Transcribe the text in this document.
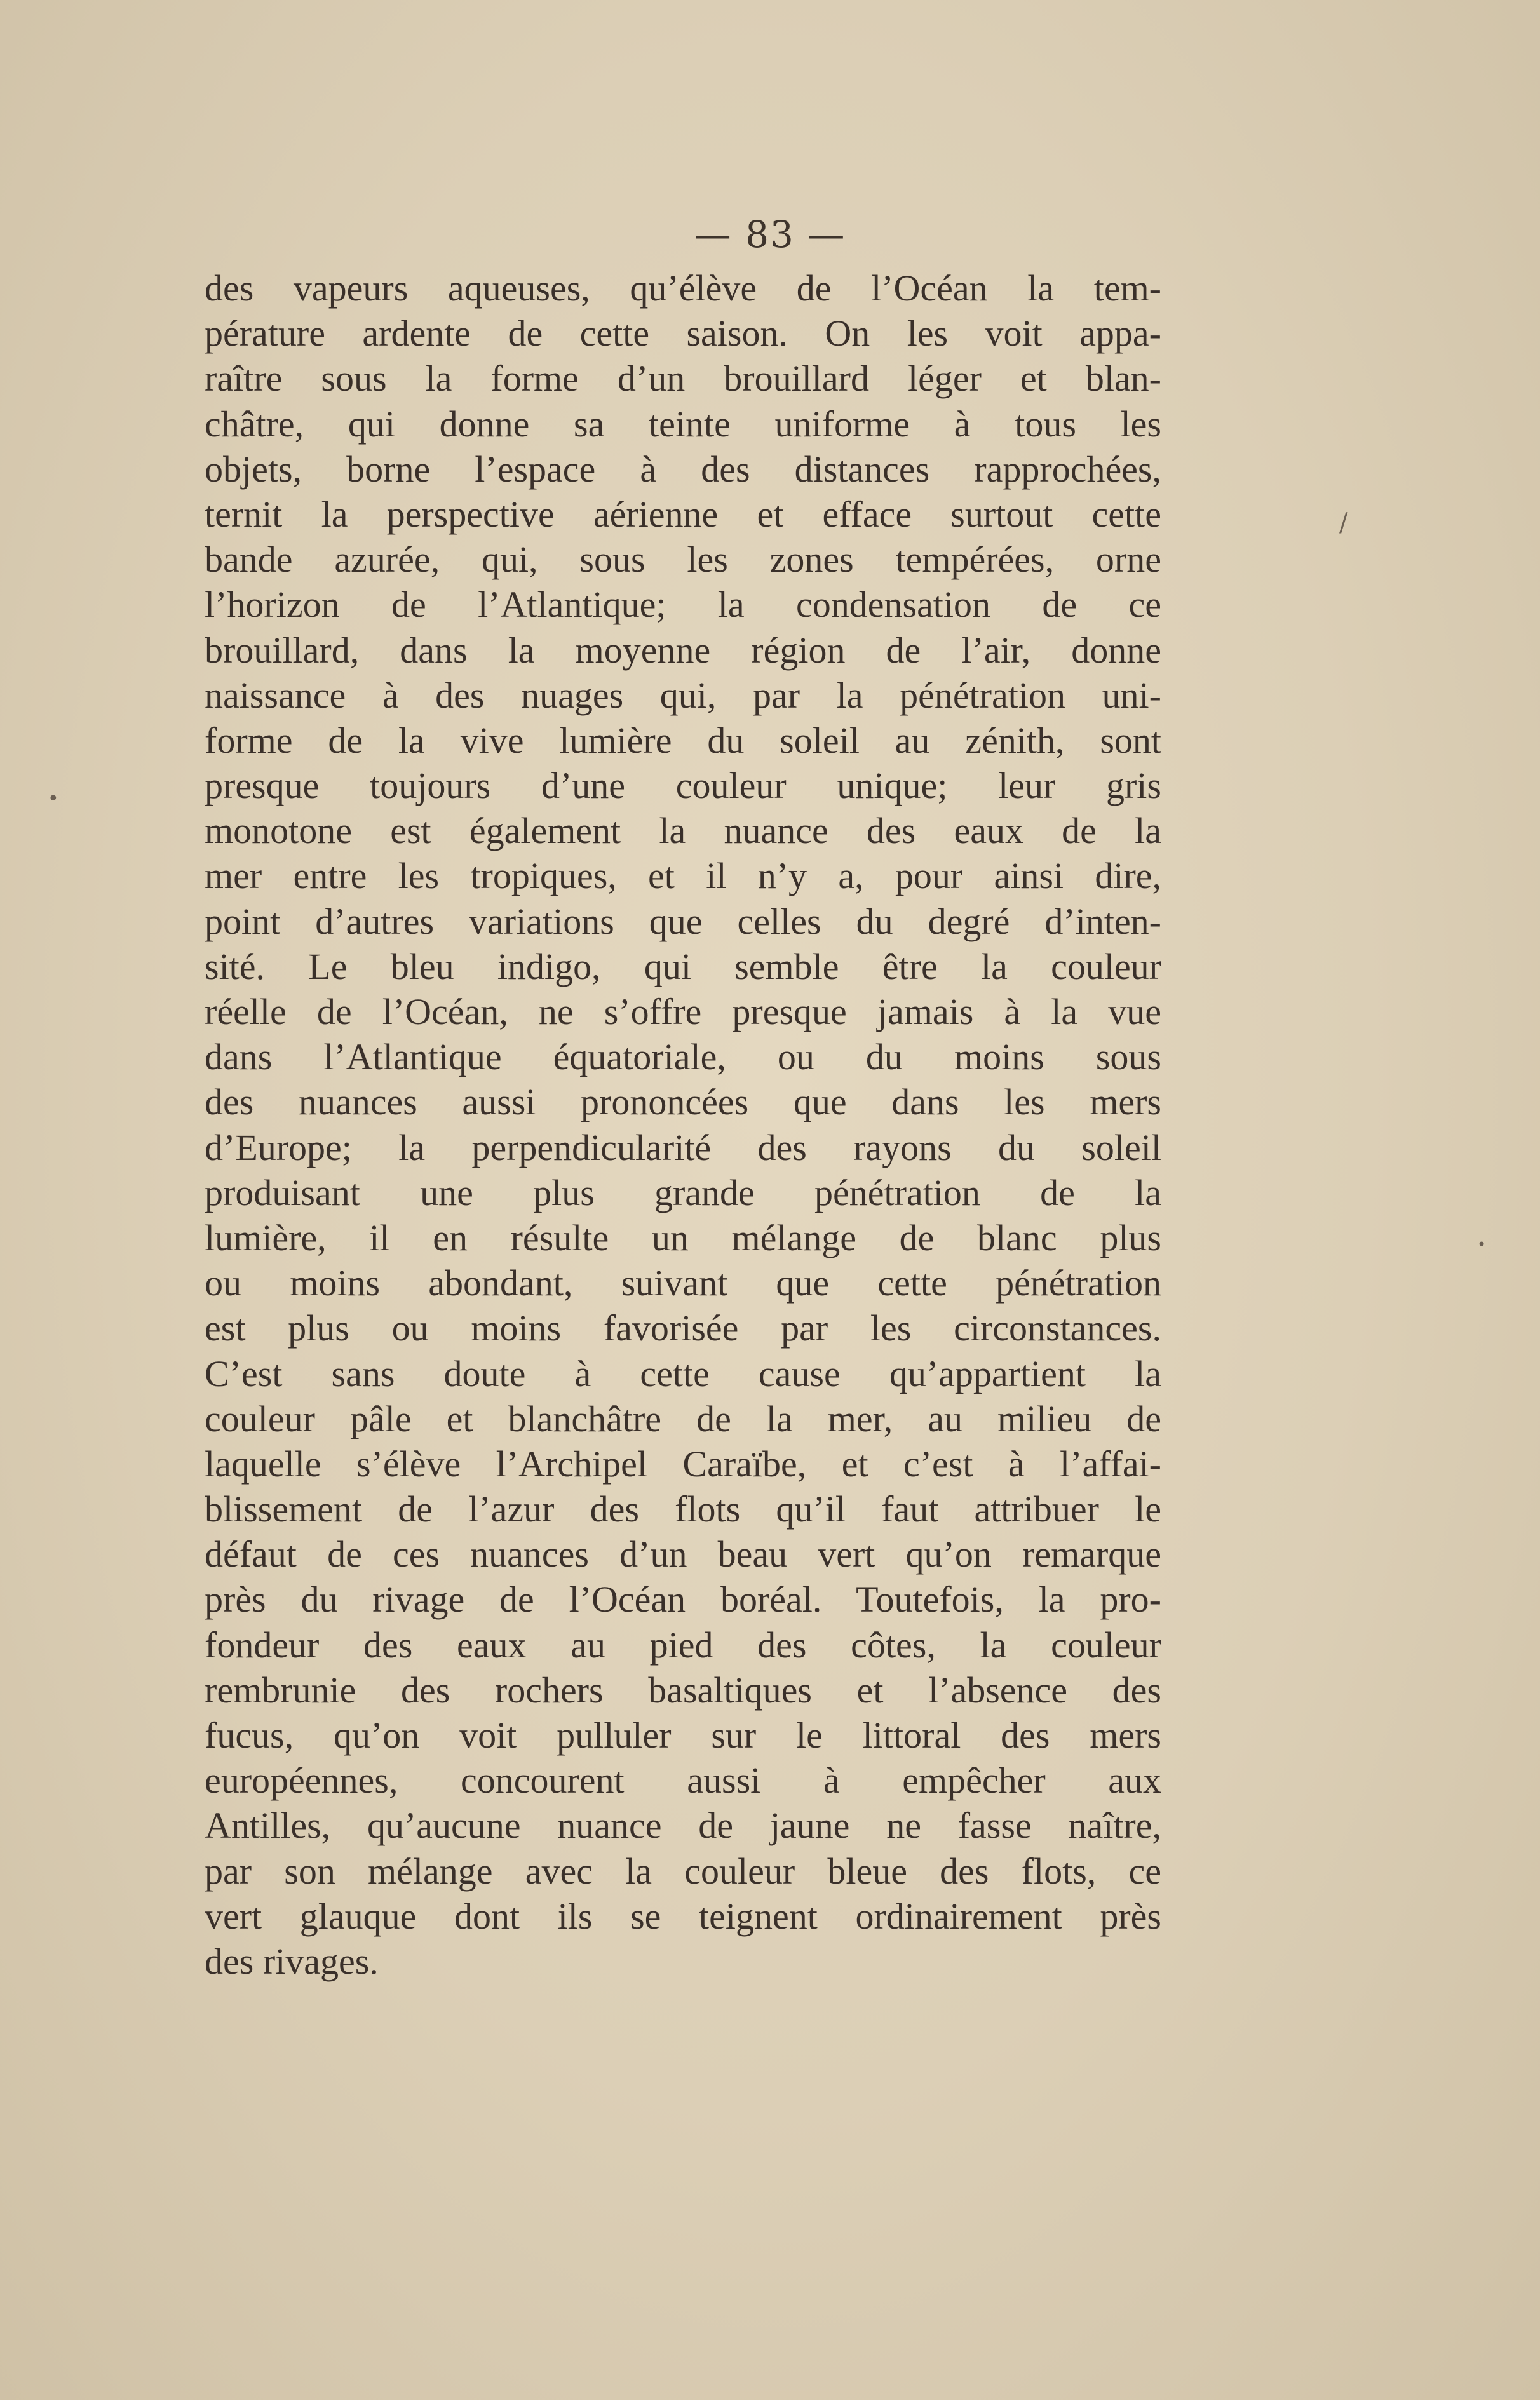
— 83 —
des vapeurs aqueuses, qu’élève de l’Océan la tem-
pérature ardente de cette saison. On les voit appa-
raître sous la forme d’un brouillard léger et blan-
châtre, qui donne sa teinte uniforme à tous les
objets, borne l’espace à des distances rapprochées,
ternit la perspective aérienne et efface surtout cette
bande azurée, qui, sous les zones tempérées, orne
l’horizon de l’Atlantique; la condensation de ce
brouillard, dans la moyenne région de l’air, donne
naissance à des nuages qui, par la pénétration uni-
forme de la vive lumière du soleil au zénith, sont
presque toujours d’une couleur unique; leur gris
monotone est également la nuance des eaux de la
mer entre les tropiques, et il n’y a, pour ainsi dire,
point d’autres variations que celles du degré d’inten-
sité. Le bleu indigo, qui semble être la couleur
réelle de l’Océan, ne s’offre presque jamais à la vue
dans l’Atlantique équatoriale, ou du moins sous
des nuances aussi prononcées que dans les mers
d’Europe; la perpendicularité des rayons du soleil
produisant une plus grande pénétration de la
lumière, il en résulte un mélange de blanc plus
ou moins abondant, suivant que cette pénétration
est plus ou moins favorisée par les circonstances.
C’est sans doute à cette cause qu’appartient la
couleur pâle et blanchâtre de la mer, au milieu de
laquelle s’élève l’Archipel Caraïbe, et c’est à l’affai-
blissement de l’azur des flots qu’il faut attribuer le
défaut de ces nuances d’un beau vert qu’on remarque
près du rivage de l’Océan boréal. Toutefois, la pro-
fondeur des eaux au pied des côtes, la couleur
rembrunie des rochers basaltiques et l’absence des
fucus, qu’on voit pulluler sur le littoral des mers
européennes, concourent aussi à empêcher aux
Antilles, qu’aucune nuance de jaune ne fasse naître,
par son mélange avec la couleur bleue des flots, ce
vert glauque dont ils se teignent ordinairement près
des rivages.
/
•
•
